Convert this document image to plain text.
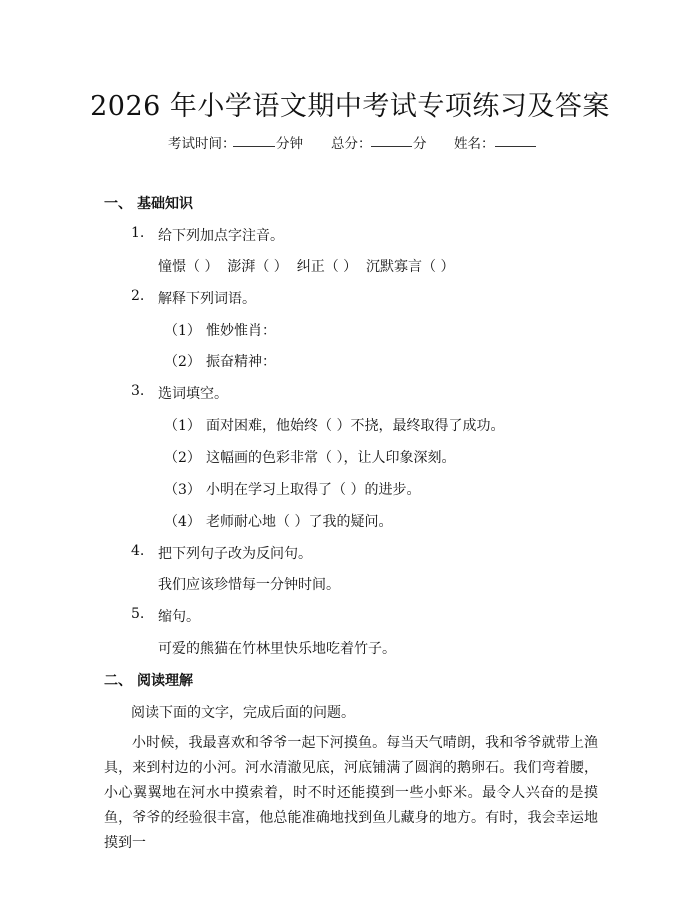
2026 年小学语文期中考试专项练习及答案
考试时间：	分钟 总分：	分 姓名：
一、 基础知识
1. 给下列加点字注音。
憧憬（ ）  澎湃（ ）  纠正（ ）  沉默寡言（ ）
2. 解释下列词语。
（1） 惟妙惟肖：
（2） 振奋精神：
3. 选词填空。
（1） 面对困难，他始终（ ）不挠，最终取得了成功。
（2） 这幅画的色彩非常（ ），让人印象深刻。
（3） 小明在学习上取得了（ ）的进步。
（4） 老师耐心地（ ）了我的疑问。
4. 把下列句子改为反问句。
我们应该珍惜每一分钟时间。
5. 缩句。
可爱的熊猫在竹林里快乐地吃着竹子。
二、 阅读理解
阅读下面的文字，完成后面的问题。
小时候，我最喜欢和爷爷一起下河摸鱼。每当天气晴朗，我和爷爷就带上渔具，来到村边的小河。河水清澈见底，河底铺满了圆润的鹅卵石。我们弯着腰，小心翼翼地在河水中摸索着，时不时还能摸到一些小虾米。最令人兴奋的是摸鱼，爷爷的经验很丰富，他总能准确地找到鱼儿藏身的地方。有时，我会幸运地摸到一
